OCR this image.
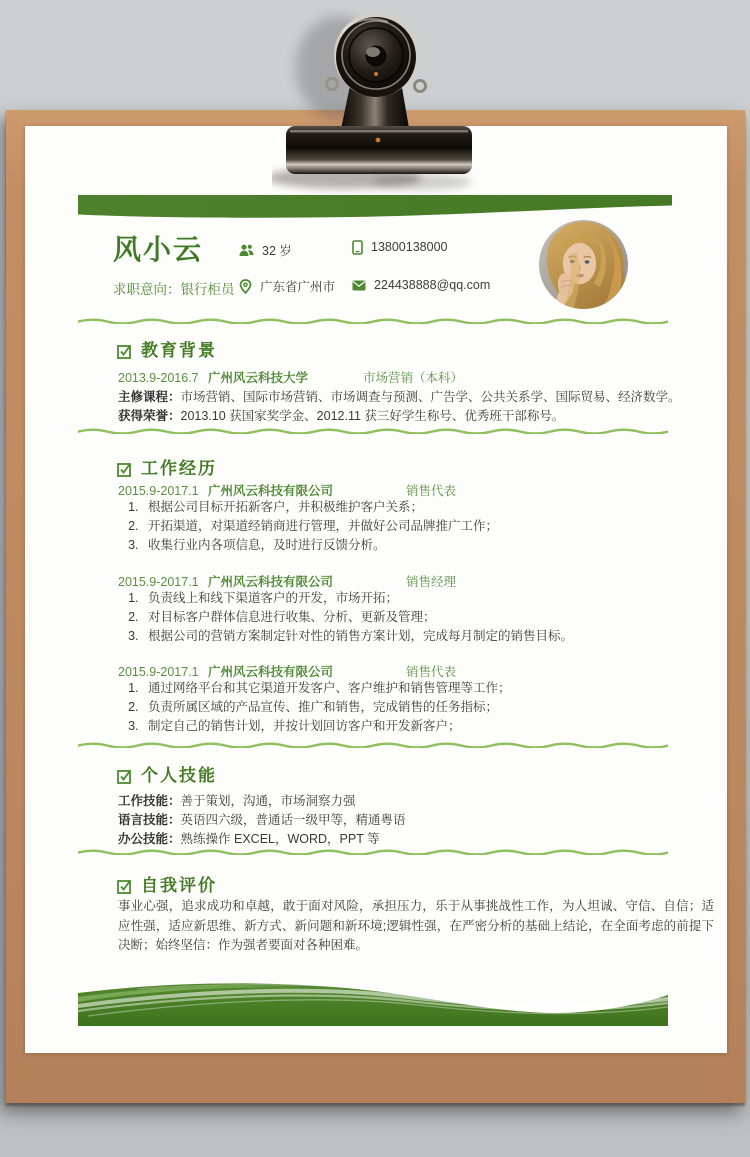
风小云
求职意向：银行柜员
32 岁
广东省广州市
13800138000
224438888@qq.com
教育背景
2013.9-2016.7 广州风云科技大学	市场营销（本科）
主修课程：市场营销、国际市场营销、市场调查与预测、广告学、公共关系学、国际贸易、经济数学。
获得荣誉：2013.10 获国家奖学金、2012.11 获三好学生称号、优秀班干部称号。
工作经历
2015.9-2017.1 广州风云科技有限公司	销售代表
1. 根据公司目标开拓新客户，并积极维护客户关系；
2. 开拓渠道，对渠道经销商进行管理，并做好公司品牌推广工作；
3. 收集行业内各项信息，及时进行反馈分析。
2015.9-2017.1 广州风云科技有限公司	销售经理
1. 负责线上和线下渠道客户的开发，市场开拓；
2. 对目标客户群体信息进行收集、分析、更新及管理；
3. 根据公司的营销方案制定针对性的销售方案计划，完成每月制定的销售目标。
2015.9-2017.1 广州风云科技有限公司	销售代表
1. 通过网络平台和其它渠道开发客户、客户维护和销售管理等工作；
2. 负责所属区域的产品宣传、推广和销售，完成销售的任务指标；
3. 制定自己的销售计划，并按计划回访客户和开发新客户；
个人技能
工作技能：善于策划，沟通，市场洞察力强
语言技能：英语四六级，普通话一级甲等，精通粤语
办公技能：熟练操作 EXCEL，WORD，PPT 等
自我评价
事业心强，追求成功和卓越，敢于面对风险，承担压力，乐于从事挑战性工作，为人坦诚、守信、自信；适应性强，适应新思维、新方式、新问题和新环境;逻辑性强，在严密分析的基础上结论，在全面考虑的前提下决断；始终坚信：作为强者要面对各种困难。
